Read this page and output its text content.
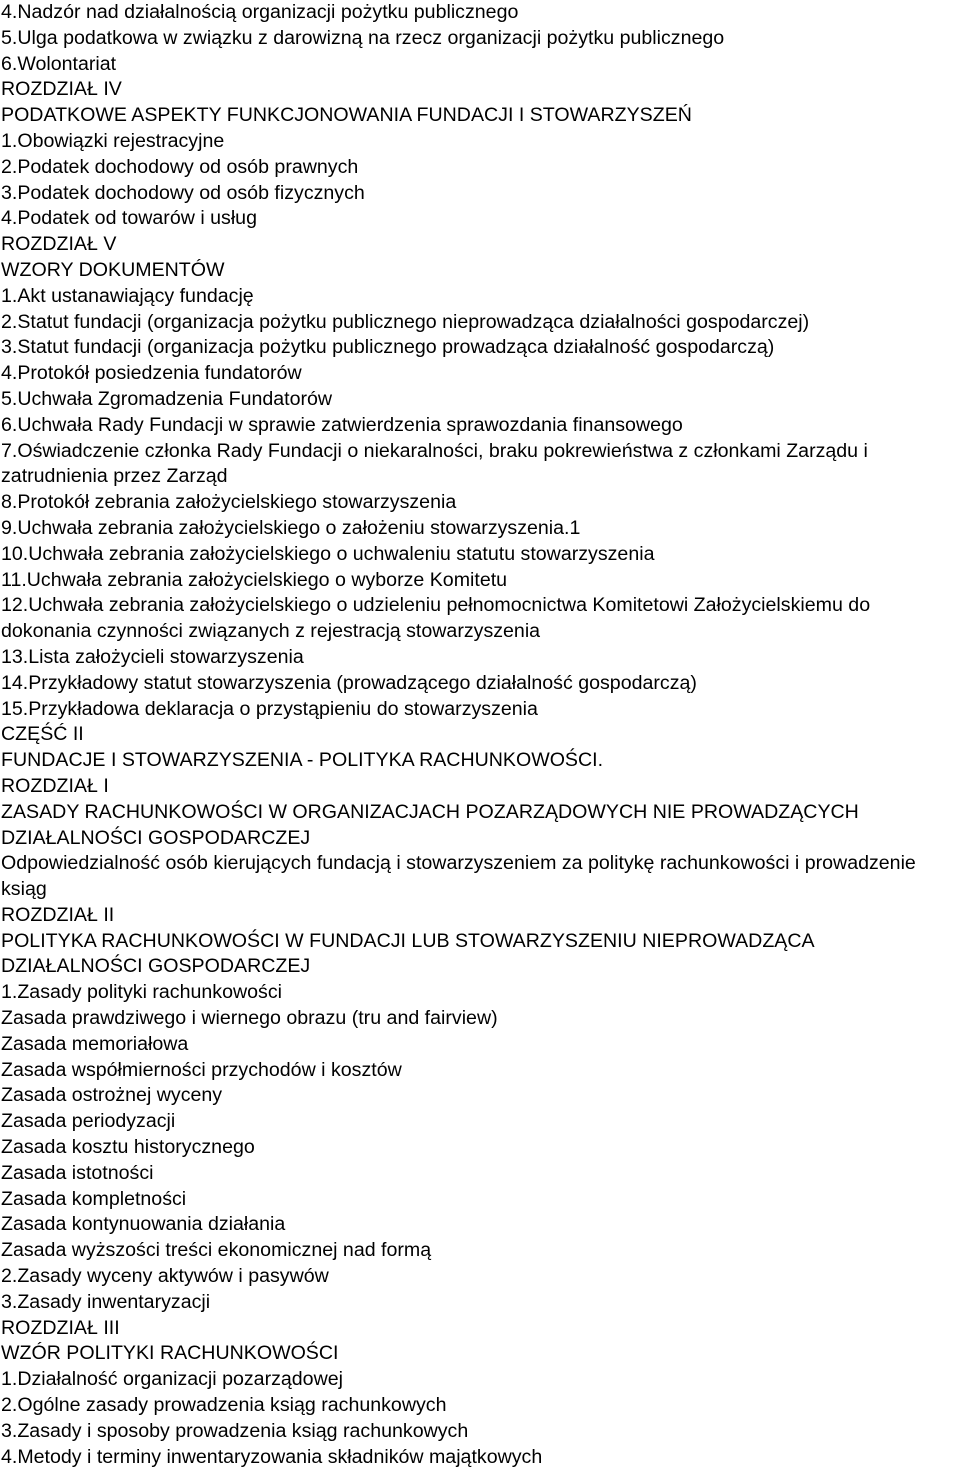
4.Nadzór nad działalnością organizacji pożytku publicznego

5.Ulga podatkowa w związku z darowizną na rzecz organizacji pożytku publicznego

6.Wolontariat

ROZDZIAŁ IV

PODATKOWE ASPEKTY FUNKCJONOWANIA FUNDACJI I STOWARZYSZEŃ

1.Obowiązki rejestracyjne

2.Podatek dochodowy od osób prawnych

3.Podatek dochodowy od osób fizycznych

4.Podatek od towarów i usług

ROZDZIAŁ V

WZORY DOKUMENTÓW

1.Akt ustanawiający fundację

2.Statut fundacji (organizacja pożytku publicznego nieprowadząca działalności gospodarczej)

3.Statut fundacji (organizacja pożytku publicznego prowadząca działalność gospodarczą)

4.Protokół posiedzenia fundatorów

5.Uchwała Zgromadzenia Fundatorów

6.Uchwała Rady Fundacji w sprawie zatwierdzenia sprawozdania finansowego

7.Oświadczenie członka Rady Fundacji o niekaralności, braku pokrewieństwa z członkami Zarządu i zatrudnienia przez Zarząd

8.Protokół zebrania założycielskiego stowarzyszenia

9.Uchwała zebrania założycielskiego o założeniu stowarzyszenia.1

10.Uchwała zebrania założycielskiego o uchwaleniu statutu stowarzyszenia

11.Uchwała zebrania założycielskiego o wyborze Komitetu

12.Uchwała zebrania założycielskiego o udzieleniu pełnomocnictwa Komitetowi Założycielskiemu do dokonania czynności związanych z rejestracją stowarzyszenia

13.Lista założycieli stowarzyszenia

14.Przykładowy statut stowarzyszenia (prowadzącego działalność gospodarczą)

15.Przykładowa deklaracja o przystąpieniu do stowarzyszenia

CZĘŚĆ II

FUNDACJE I STOWARZYSZENIA - POLITYKA RACHUNKOWOŚCI.

ROZDZIAŁ I

ZASADY RACHUNKOWOŚCI W ORGANIZACJACH POZARZĄDOWYCH NIE PROWADZĄCYCH DZIAŁALNOŚCI GOSPODARCZEJ

Odpowiedzialność osób kierujących fundacją i stowarzyszeniem za politykę rachunkowości i prowadzenie ksiąg

ROZDZIAŁ II

POLITYKA RACHUNKOWOŚCI W FUNDACJI LUB STOWARZYSZENIU NIEPROWADZĄCA DZIAŁALNOŚCI GOSPODARCZEJ

1.Zasady polityki rachunkowości

Zasada prawdziwego i wiernego obrazu (tru and fairview)

Zasada memoriałowa

Zasada współmierności przychodów i kosztów

Zasada ostrożnej wyceny

Zasada periodyzacji

Zasada kosztu historycznego

Zasada istotności

Zasada kompletności

Zasada kontynuowania działania

Zasada wyższości treści ekonomicznej nad formą

2.Zasady wyceny aktywów i pasywów

3.Zasady inwentaryzacji

ROZDZIAŁ III

WZÓR POLITYKI RACHUNKOWOŚCI

1.Działalność organizacji pozarządowej

2.Ogólne zasady prowadzenia ksiąg rachunkowych

3.Zasady i sposoby prowadzenia ksiąg rachunkowych

4.Metody i terminy inwentaryzowania składników majątkowych
